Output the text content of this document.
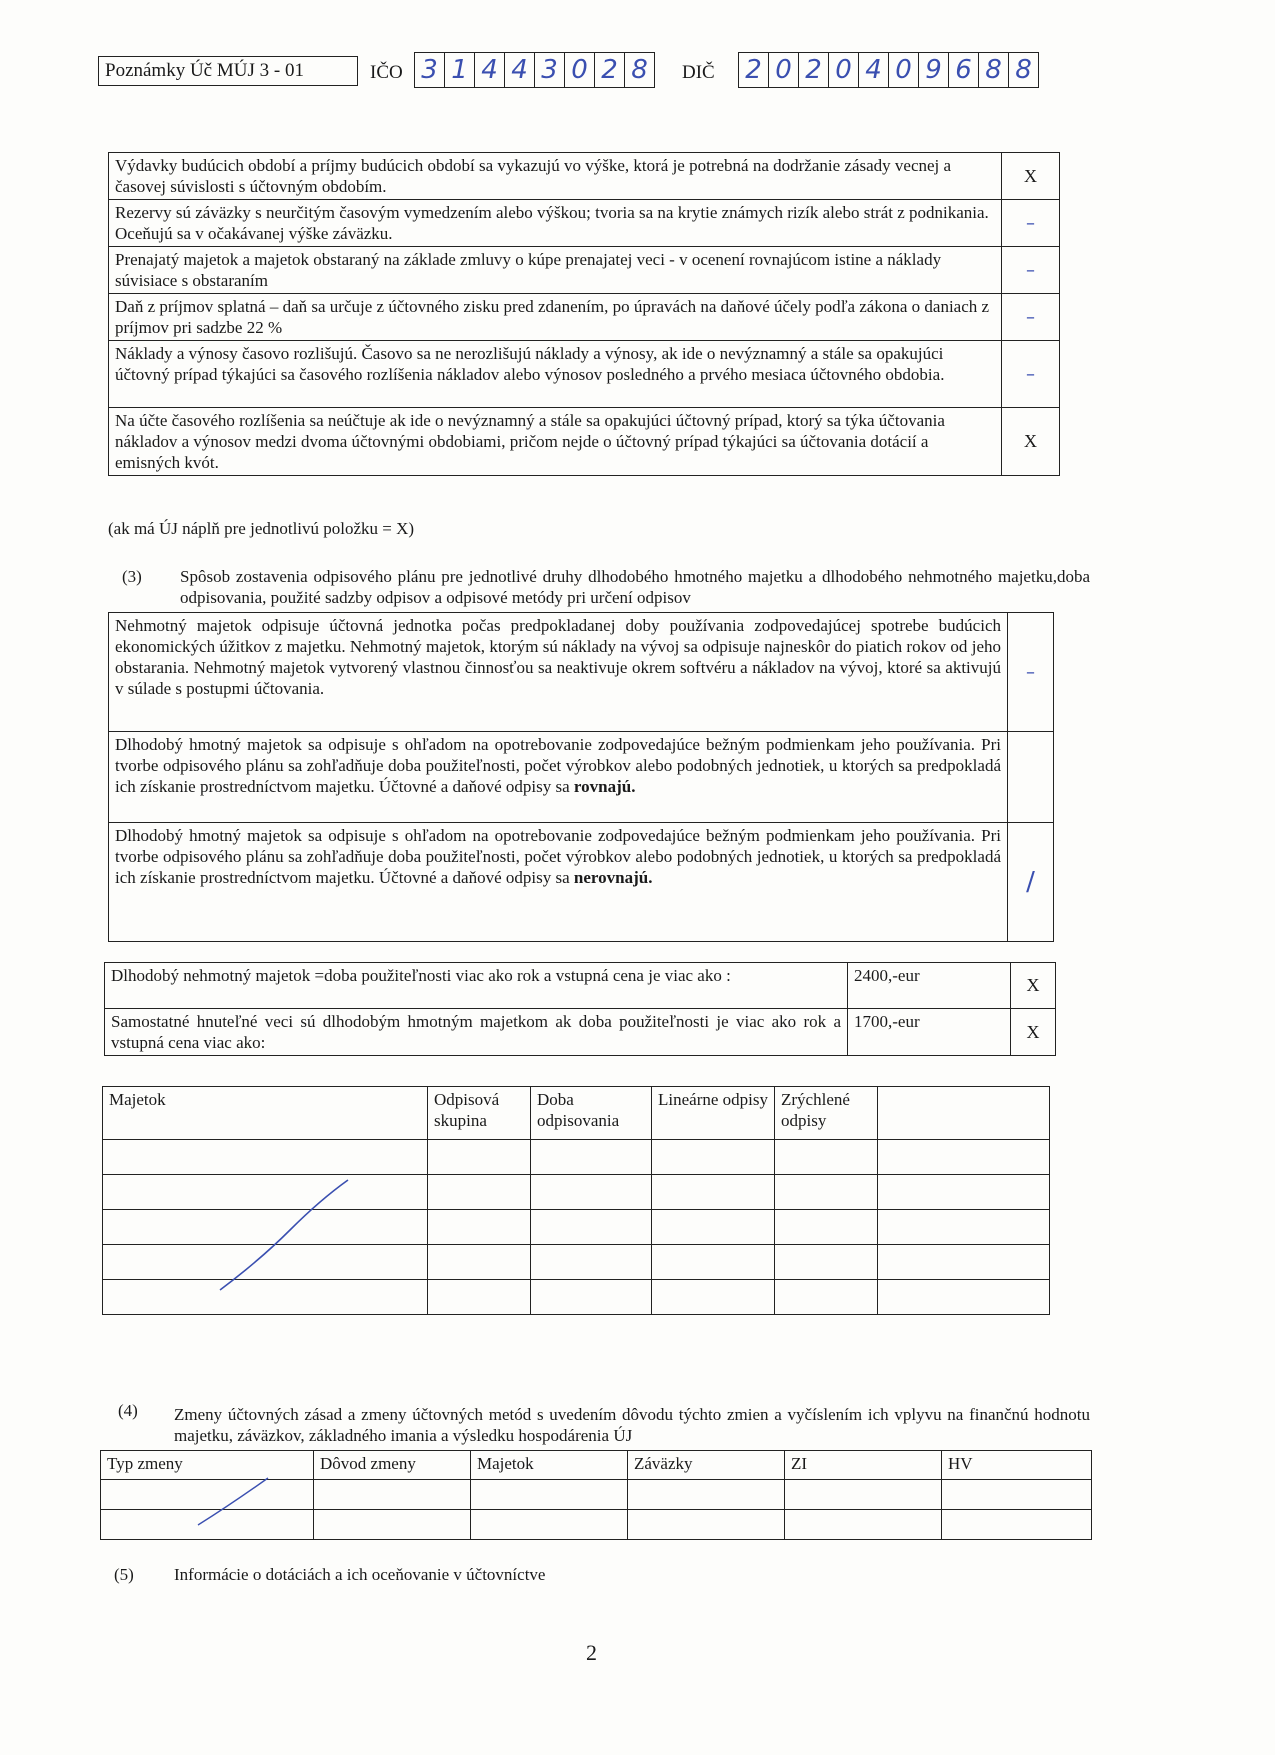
Poznámky Úč MÚJ 3 - 01	IČO 3 1 4 4 3 0 2 8	DIČ 2 0 2 0 4 0 9 6 8 8
Výdavky budúcich období a príjmy budúcich období sa vykazujú vo výške, ktorá je potrebná na dodržanie zásady vecnej a časovej súvislosti s účtovným obdobím.	X
Rezervy sú záväzky s neurčitým časovým vymedzením alebo výškou; tvoria sa na krytie známych rizík alebo strát z podnikania. Oceňujú sa v očakávanej výške záväzku.	–
Prenajatý majetok a majetok obstaraný na základe zmluvy o kúpe prenajatej veci - v ocenení rovnajúcom istine a náklady súvisiace s obstaraním	–
Daň z príjmov splatná – daň sa určuje z účtovného zisku pred zdanením, po úpravách na daňové účely podľa zákona o daniach z príjmov pri sadzbe 22 %	–
Náklady a výnosy časovo rozlišujú. Časovo sa ne nerozlišujú náklady a výnosy, ak ide o nevýznamný a stále sa opakujúci účtovný prípad týkajúci sa časového rozlíšenia nákladov alebo výnosov posledného a prvého mesiaca účtovného obdobia.	–
Na účte časového rozlíšenia sa neúčtuje ak ide o nevýznamný a stále sa opakujúci účtovný prípad, ktorý sa týka účtovania nákladov a výnosov medzi dvoma účtovnými obdobiami, pričom nejde o účtovný prípad týkajúci sa účtovania dotácií a emisných kvót.	X
(ak má ÚJ náplň pre jednotlivú položku = X)
(3) Spôsob zostavenia odpisového plánu pre jednotlivé druhy dlhodobého hmotného majetku a dlhodobého nehmotného majetku,doba odpisovania, použité sadzby odpisov a odpisové metódy pri určení odpisov
Nehmotný majetok odpisuje účtovná jednotka počas predpokladanej doby používania zodpovedajúcej spotrebe budúcich ekonomických úžitkov z majetku. Nehmotný majetok, ktorým sú náklady na vývoj sa odpisuje najneskôr do piatich rokov od jeho obstarania. Nehmotný majetok vytvorený vlastnou činnosťou sa neaktivuje okrem softvéru a nákladov na vývoj, ktoré sa aktivujú v súlade s postupmi účtovania.	–
Dlhodobý hmotný majetok sa odpisuje s ohľadom na opotrebovanie zodpovedajúce bežným podmienkam jeho používania. Pri tvorbe odpisového plánu sa zohľadňuje doba použiteľnosti, počet výrobkov alebo podobných jednotiek, u ktorých sa predpokladá ich získanie prostredníctvom majetku. Účtovné a daňové odpisy sa rovnajú.	
Dlhodobý hmotný majetok sa odpisuje s ohľadom na opotrebovanie zodpovedajúce bežným podmienkam jeho používania. Pri tvorbe odpisového plánu sa zohľadňuje doba použiteľnosti, počet výrobkov alebo podobných jednotiek, u ktorých sa predpokladá ich získanie prostredníctvom majetku. Účtovné a daňové odpisy sa nerovnajú.	/
Dlhodobý nehmotný majetok =doba použiteľnosti viac ako rok a vstupná cena je viac ako :	2400,-eur	X
Samostatné hnuteľné veci sú dlhodobým hmotným majetkom ak doba použiteľnosti je viac ako rok a vstupná cena viac ako:	1700,-eur	X
Majetok	Odpisová skupina	Doba odpisovania	Lineárne odpisy	Zrýchlené odpisy	

(4) Zmeny účtovných zásad a zmeny účtovných metód s uvedením dôvodu týchto zmien a vyčíslením ich vplyvu na finančnú hodnotu majetku, záväzkov, základného imania a výsledku hospodárenia ÚJ
Typ zmeny	Dôvod zmeny	Majetok	Záväzky	ZI	HV

(5) Informácie o dotáciách a ich oceňovanie v účtovníctve
2
